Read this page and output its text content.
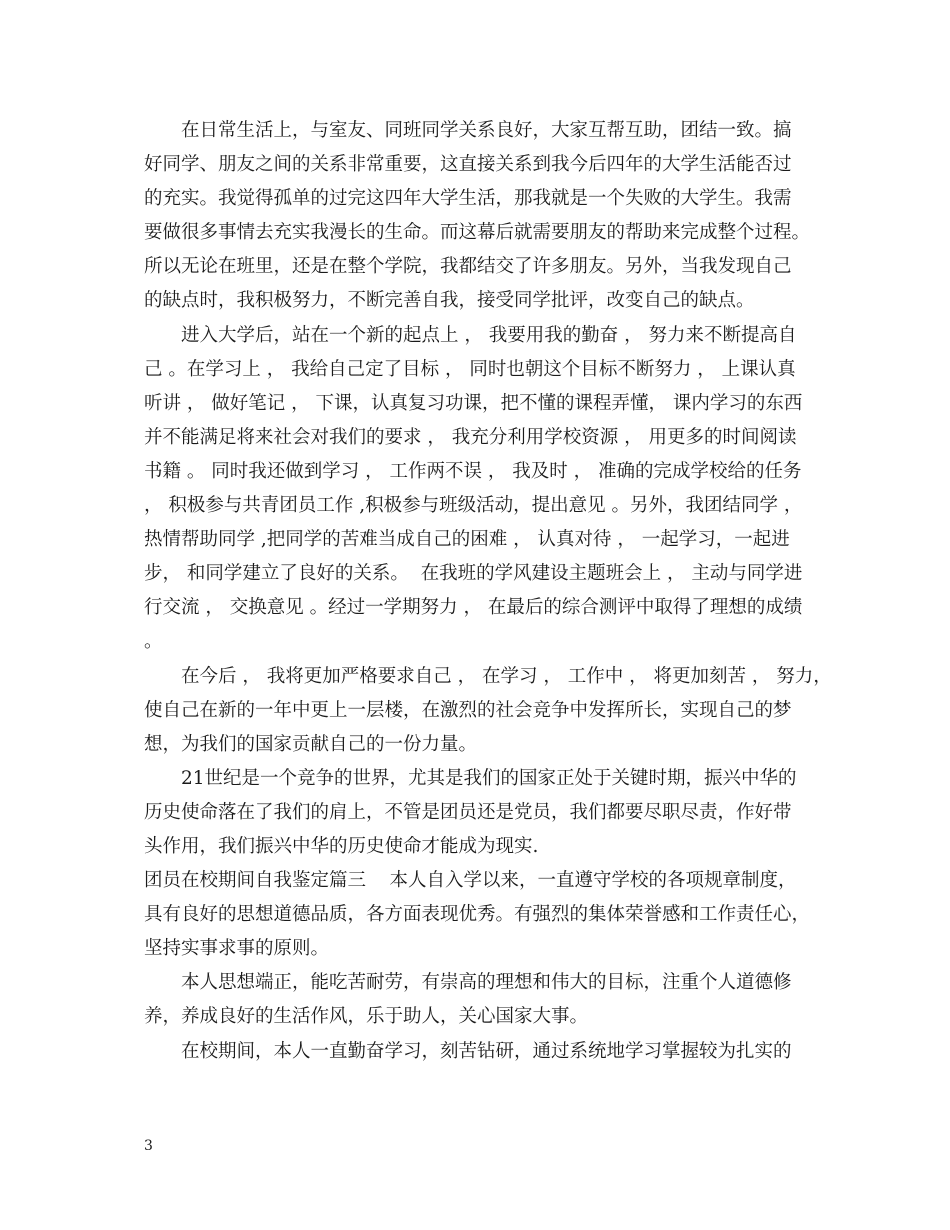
在日常生活上，与室友、同班同学关系良好，大家互帮互助，团结一致。搞
好同学、朋友之间的关系非常重要，这直接关系到我今后四年的大学生活能否过
的充实。我觉得孤单的过完这四年大学生活，那我就是一个失败的大学生。我需
要做很多事情去充实我漫长的生命。而这幕后就需要朋友的帮助来完成整个过程。
所以无论在班里，还是在整个学院，我都结交了许多朋友。另外，当我发现自己
的缺点时，我积极努力，不断完善自我，接受同学批评，改变自己的缺点。
进入大学后，站在一个新的起点上 ， 我要用我的勤奋 ， 努力来不断提高自
己 。在学习上 ， 我给自己定了目标 ， 同时也朝这个目标不断努力 ， 上课认真
听讲 ， 做好笔记 ， 下课，认真复习功课，把不懂的课程弄懂， 课内学习的东西
并不能满足将来社会对我们的要求 ， 我充分利用学校资源 ， 用更多的时间阅读
书籍 。 同时我还做到学习 ， 工作两不误 ， 我及时 ， 准确的完成学校给的任务
， 积极参与共青团员工作 ,积极参与班级活动，提出意见 。另外，我团结同学 ，
热情帮助同学 ,把同学的苦难当成自己的困难 ， 认真对待 ， 一起学习，一起进
步， 和同学建立了良好的关系。  在我班的学风建设主题班会上 ， 主动与同学进
行交流 ， 交换意见 。经过一学期努力 ， 在最后的综合测评中取得了理想的成绩
。
在今后 ， 我将更加严格要求自己 ， 在学习 ， 工作中 ， 将更加刻苦 ， 努力，
使自己在新的一年中更上一层楼，在激烈的社会竞争中发挥所长，实现自己的梦
想，为我们的国家贡献自己的一份力量。
21世纪是一个竞争的世界，尤其是我们的国家正处于关键时期，振兴中华的
历史使命落在了我们的肩上，不管是团员还是党员，我们都要尽职尽责，作好带
头作用，我们振兴中华的历史使命才能成为现实.
团员在校期间自我鉴定篇三    本人自入学以来，一直遵守学校的各项规章制度，
具有良好的思想道德品质，各方面表现优秀。有强烈的集体荣誉感和工作责任心，
坚持实事求事的原则。
本人思想端正，能吃苦耐劳，有崇高的理想和伟大的目标，注重个人道德修
养，养成良好的生活作风，乐于助人，关心国家大事。
在校期间，本人一直勤奋学习，刻苦钻研，通过系统地学习掌握较为扎实的
3
